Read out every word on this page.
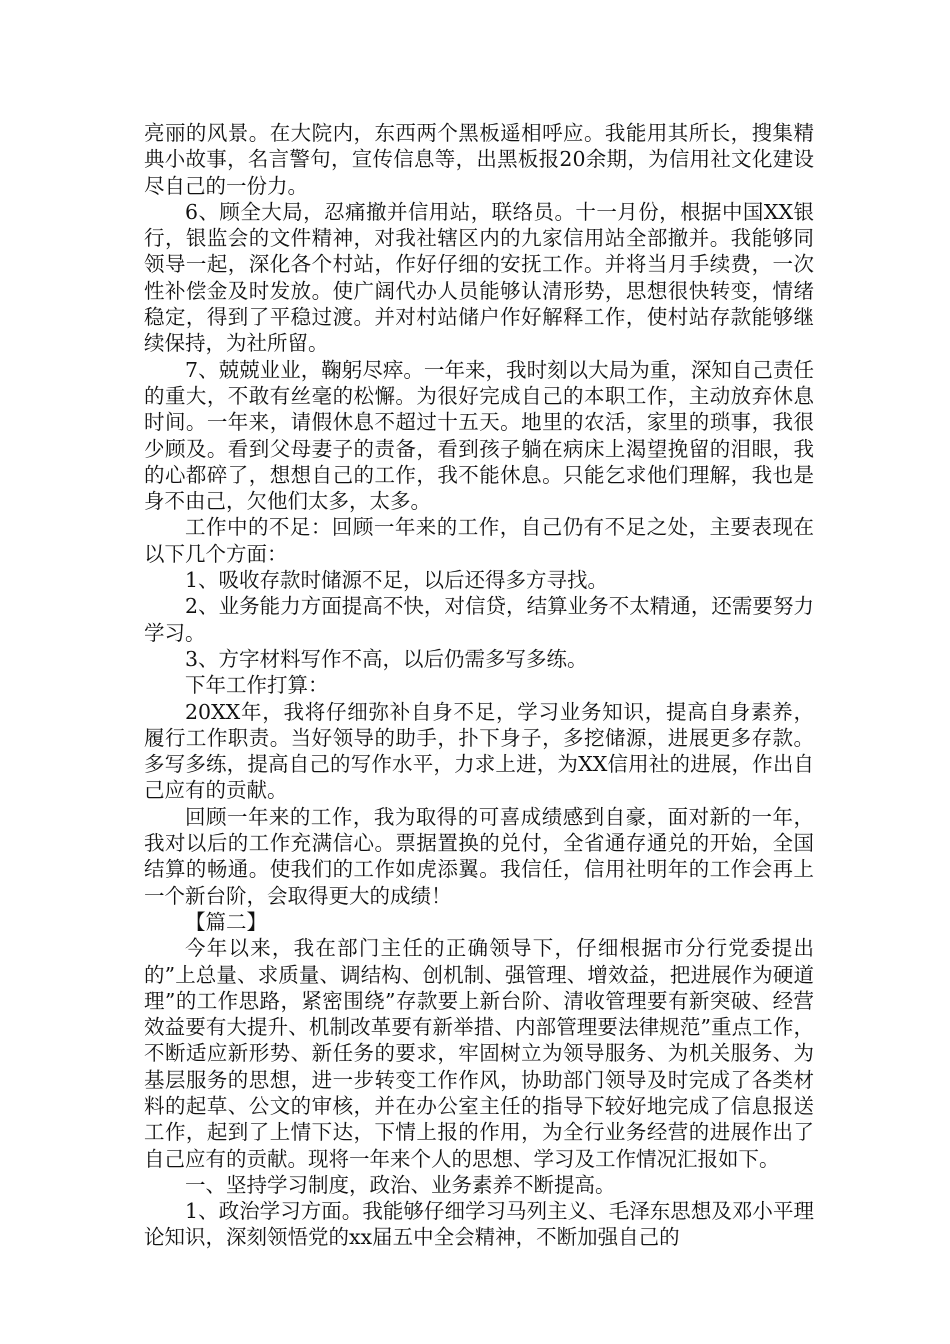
亮丽的风景。在大院内，东西两个黑板遥相呼应。我能用其所长，搜集精典小故事，名言警句，宣传信息等，出黑板报20余期，为信用社文化建设尽自己的一份力。

6、顾全大局，忍痛撤并信用站，联络员。十一月份，根据中国XX银行，银监会的文件精神，对我社辖区内的九家信用站全部撤并。我能够同领导一起，深化各个村站，作好仔细的安抚工作。并将当月手续费，一次性补偿金及时发放。使广阔代办人员能够认清形势，思想很快转变，情绪稳定，得到了平稳过渡。并对村站储户作好解释工作，使村站存款能够继续保持，为社所留。

7、兢兢业业，鞠躬尽瘁。一年来，我时刻以大局为重，深知自己责任的重大，不敢有丝毫的松懈。为很好完成自己的本职工作，主动放弃休息时间。一年来，请假休息不超过十五天。地里的农活，家里的琐事，我很少顾及。看到父母妻子的责备，看到孩子躺在病床上渴望挽留的泪眼，我的心都碎了，想想自己的工作，我不能休息。只能乞求他们理解，我也是身不由己，欠他们太多，太多。

工作中的不足：回顾一年来的工作，自己仍有不足之处，主要表现在以下几个方面：

1、吸收存款时储源不足，以后还得多方寻找。

2、业务能力方面提高不快，对信贷，结算业务不太精通，还需要努力学习。

3、方字材料写作不高，以后仍需多写多练。

下年工作打算：

20XX年，我将仔细弥补自身不足，学习业务知识，提高自身素养，履行工作职责。当好领导的助手，扑下身子，多挖储源，进展更多存款。多写多练，提高自己的写作水平，力求上进，为XX信用社的进展，作出自己应有的贡献。

回顾一年来的工作，我为取得的可喜成绩感到自豪，面对新的一年，我对以后的工作充满信心。票据置换的兑付，全省通存通兑的开始，全国结算的畅通。使我们的工作如虎添翼。我信任，信用社明年的工作会再上一个新台阶，会取得更大的成绩！

【篇二】

今年以来，我在部门主任的正确领导下，仔细根据市分行党委提出的”上总量、求质量、调结构、创机制、强管理、增效益，把进展作为硬道理”的工作思路，紧密围绕”存款要上新台阶、清收管理要有新突破、经营效益要有大提升、机制改革要有新举措、内部管理要法律规范”重点工作，不断适应新形势、新任务的要求，牢固树立为领导服务、为机关服务、为基层服务的思想，进一步转变工作作风，协助部门领导及时完成了各类材料的起草、公文的审核，并在办公室主任的指导下较好地完成了信息报送工作，起到了上情下达，下情上报的作用，为全行业务经营的进展作出了自己应有的贡献。现将一年来个人的思想、学习及工作情况汇报如下。

一、坚持学习制度，政治、业务素养不断提高。

1、政治学习方面。我能够仔细学习马列主义、毛泽东思想及邓小平理论知识，深刻领悟党的xx届五中全会精神，不断加强自己的
